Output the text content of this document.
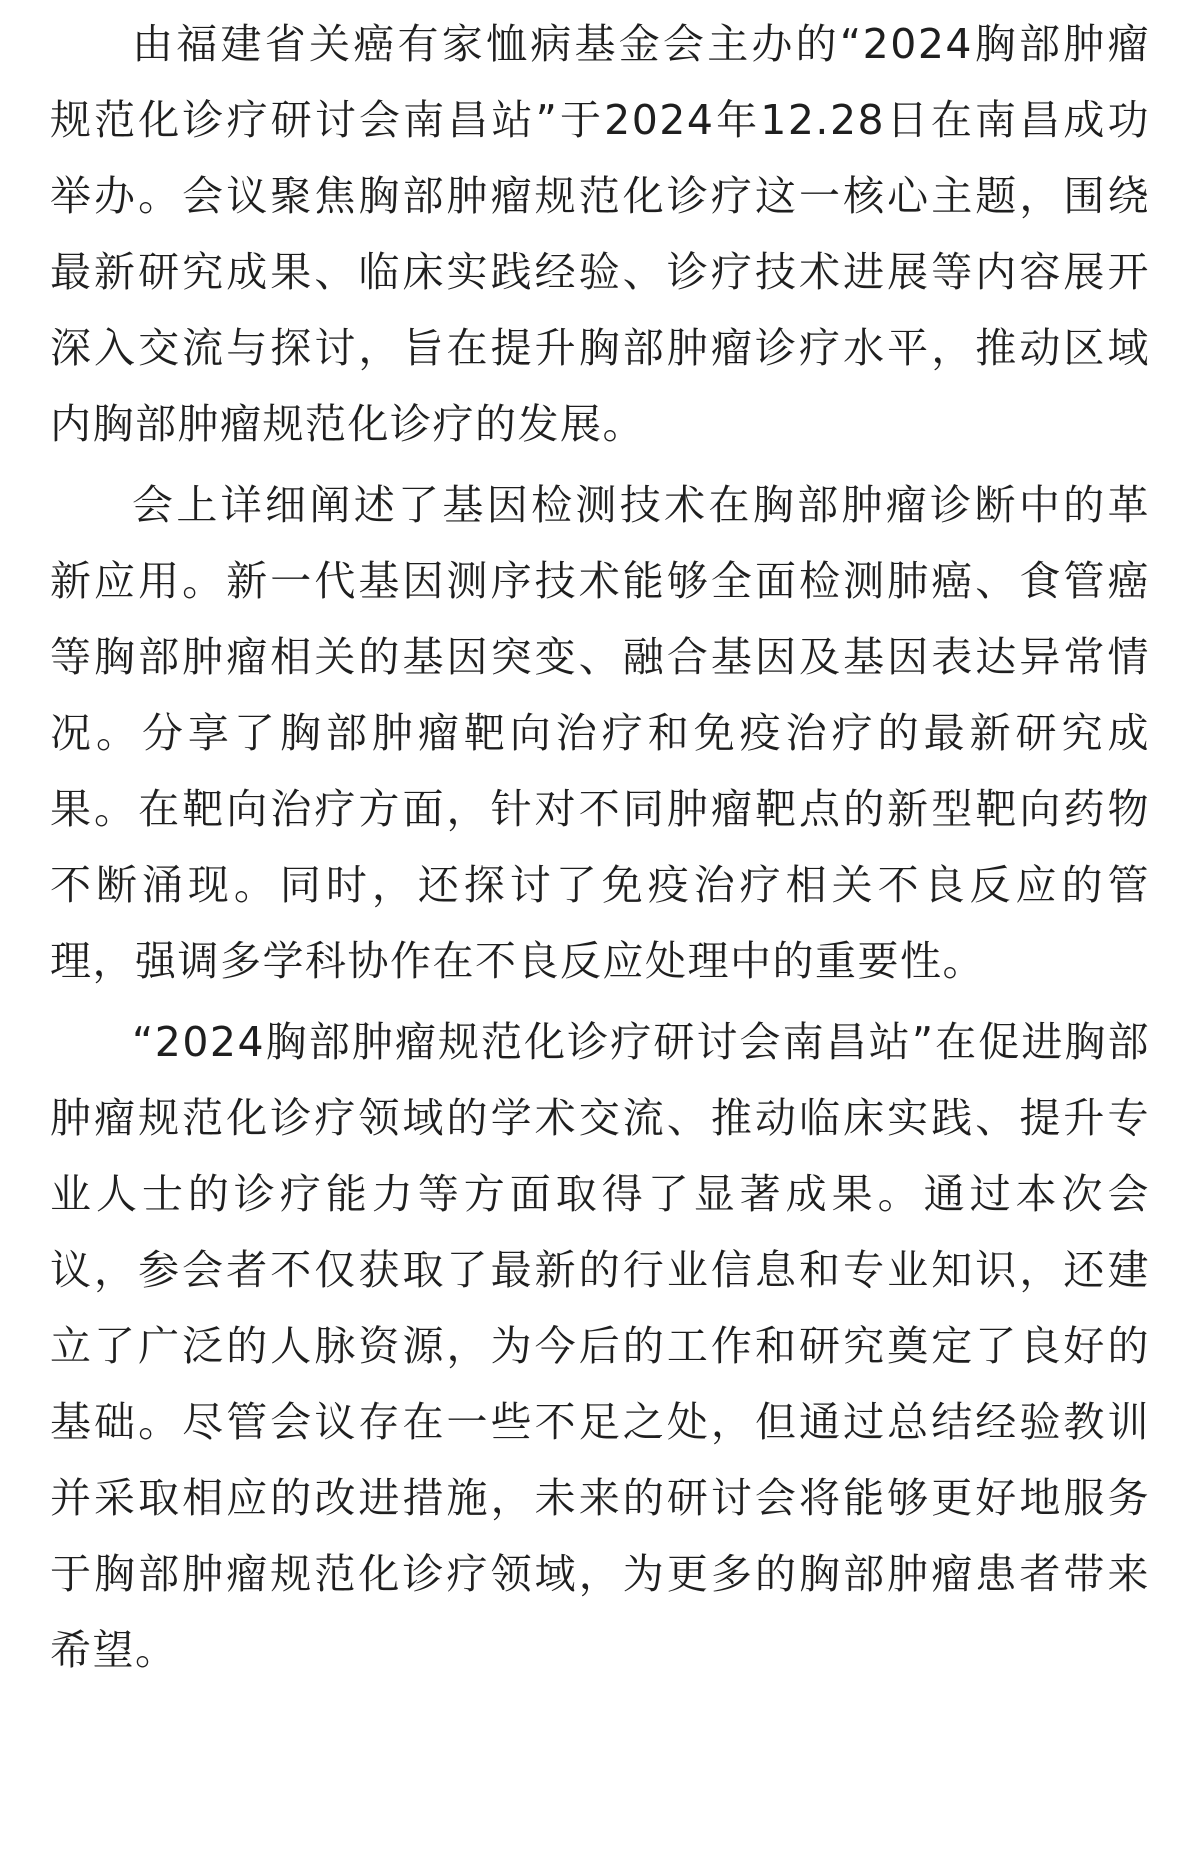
由福建省关癌有家恤病基金会主办的“2024胸部肿瘤规范化诊疗研讨会南昌站”于2024年12.28日在南昌成功举办。会议聚焦胸部肿瘤规范化诊疗这一核心主题，围绕最新研究成果、临床实践经验、诊疗技术进展等内容展开深入交流与探讨，旨在提升胸部肿瘤诊疗水平，推动区域内胸部肿瘤规范化诊疗的发展。

会上详细阐述了基因检测技术在胸部肿瘤诊断中的革新应用。新一代基因测序技术能够全面检测肺癌、食管癌等胸部肿瘤相关的基因突变、融合基因及基因表达异常情况。分享了胸部肿瘤靶向治疗和免疫治疗的最新研究成果。在靶向治疗方面，针对不同肿瘤靶点的新型靶向药物不断涌现。同时，还探讨了免疫治疗相关不良反应的管理，强调多学科协作在不良反应处理中的重要性。

“2024胸部肿瘤规范化诊疗研讨会南昌站”在促进胸部肿瘤规范化诊疗领域的学术交流、推动临床实践、提升专业人士的诊疗能力等方面取得了显著成果。通过本次会议，参会者不仅获取了最新的行业信息和专业知识，还建立了广泛的人脉资源，为今后的工作和研究奠定了良好的基础。尽管会议存在一些不足之处，但通过总结经验教训并采取相应的改进措施，未来的研讨会将能够更好地服务于胸部肿瘤规范化诊疗领域，为更多的胸部肿瘤患者带来希望。
